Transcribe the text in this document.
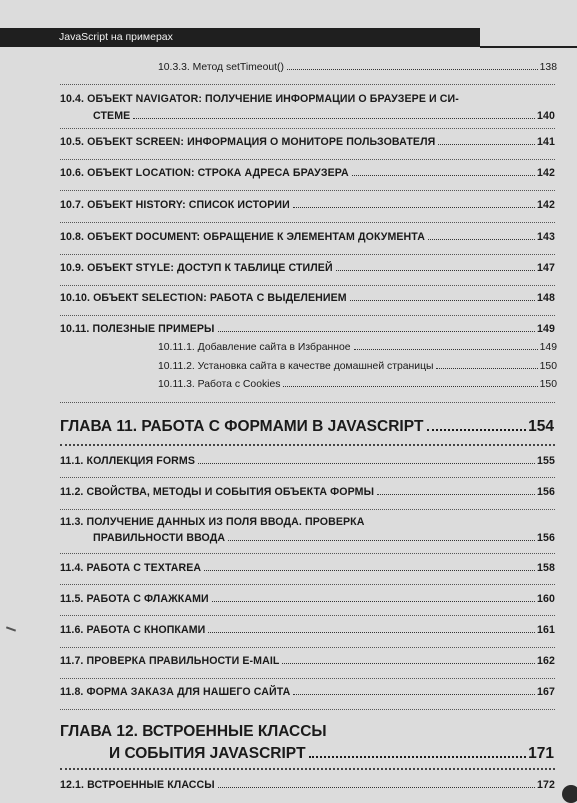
JavaScript на примерах
10.3.3. Метод setTimeout()	138
10.4. ОБЪЕКТ NAVIGATOR: ПОЛУЧЕНИЕ ИНФОРМАЦИИ О БРАУЗЕРЕ И СИ-
СТЕМЕ	140
10.5. ОБЪЕКТ SCREEN: ИНФОРМАЦИЯ О МОНИТОРЕ ПОЛЬЗОВАТЕЛЯ	141
10.6. ОБЪЕКТ LOCATION: СТРОКА АДРЕСА БРАУЗЕРА	142
10.7. ОБЪЕКТ HISTORY: СПИСОК ИСТОРИИ	142
10.8. ОБЪЕКТ DOCUMENT: ОБРАЩЕНИЕ К ЭЛЕМЕНТАМ ДОКУМЕНТА	143
10.9. ОБЪЕКТ STYLE: ДОСТУП К ТАБЛИЦЕ СТИЛЕЙ	147
10.10. ОБЪЕКТ SELECTION: РАБОТА С ВЫДЕЛЕНИЕМ	148
10.11. ПОЛЕЗНЫЕ ПРИМЕРЫ	149
10.11.1. Добавление сайта в Избранное	149
10.11.2. Установка сайта в качестве домашней страницы	150
10.11.3. Работа с Cookies	150
ГЛАВА 11. РАБОТА С ФОРМАМИ В JAVASCRIPT	154
11.1. КОЛЛЕКЦИЯ FORMS	155
11.2. СВОЙСТВА, МЕТОДЫ И СОБЫТИЯ ОБЪЕКТА ФОРМЫ	156
11.3. ПОЛУЧЕНИЕ ДАННЫХ ИЗ ПОЛЯ ВВОДА. ПРОВЕРКА
ПРАВИЛЬНОСТИ ВВОДА	156
11.4. РАБОТА С TEXTAREA	158
11.5. РАБОТА С ФЛАЖКАМИ	160
11.6. РАБОТА С КНОПКАМИ	161
11.7. ПРОВЕРКА ПРАВИЛЬНОСТИ E-MAIL	162
11.8. ФОРМА ЗАКАЗА ДЛЯ НАШЕГО САЙТА	167
ГЛАВА 12. ВСТРОЕННЫЕ КЛАССЫ
И СОБЫТИЯ JAVASCRIPT	171
12.1. ВСТРОЕННЫЕ КЛАССЫ	172
